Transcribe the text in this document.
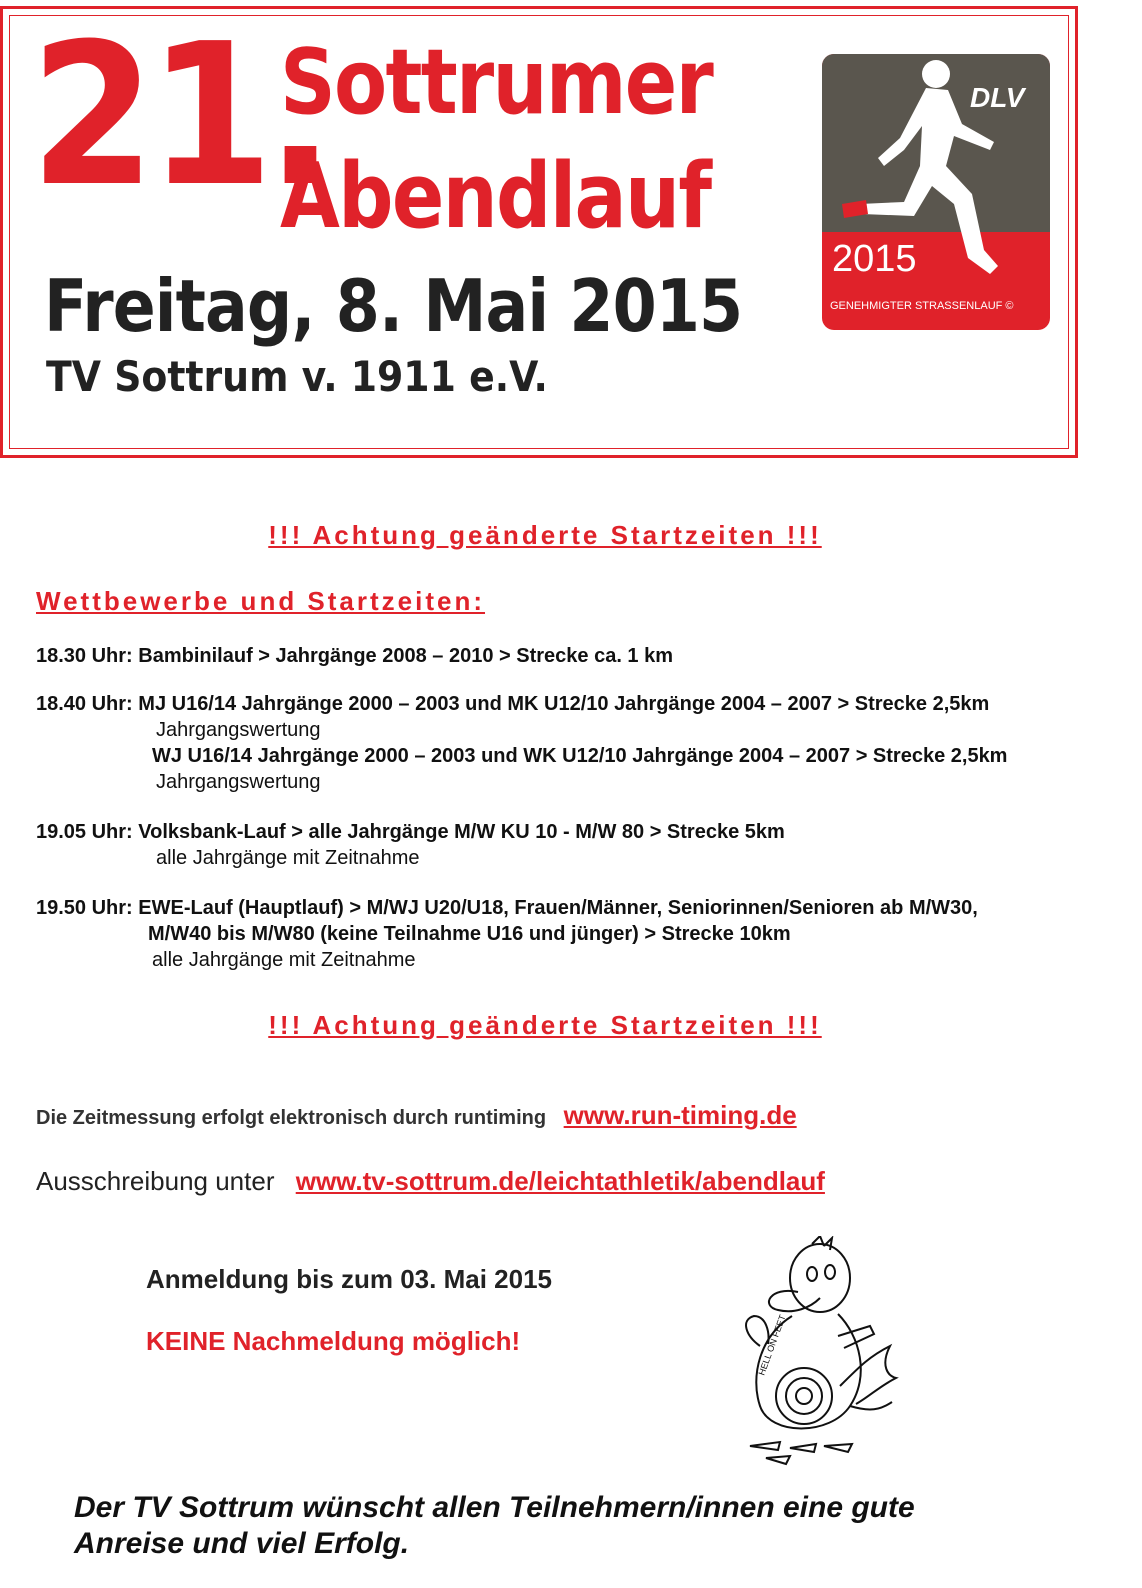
21.
Sottrumer
Abendlauf
Freitag, 8. Mai 2015
TV Sottrum v. 1911 e.V.
DLV
2015
GENEHMIGTER STRASSENLAUF ©
!!! Achtung geänderte Startzeiten !!!
Wettbewerbe und Startzeiten:
18.30 Uhr: Bambinilauf > Jahrgänge 2008 – 2010 > Strecke ca. 1 km
18.40 Uhr: MJ U16/14 Jahrgänge 2000 – 2003 und MK U12/10 Jahrgänge 2004 – 2007 > Strecke 2,5km
Jahrgangswertung
WJ U16/14 Jahrgänge 2000 – 2003 und WK U12/10 Jahrgänge 2004 – 2007 > Strecke 2,5km
Jahrgangswertung
19.05 Uhr: Volksbank-Lauf > alle Jahrgänge M/W KU 10 - M/W 80 > Strecke 5km
alle Jahrgänge mit Zeitnahme
19.50 Uhr: EWE-Lauf (Hauptlauf) > M/WJ U20/U18, Frauen/Männer, Seniorinnen/Senioren ab M/W30,
M/W40 bis M/W80 (keine Teilnahme U16 und jünger) > Strecke 10km
alle Jahrgänge mit Zeitnahme
!!! Achtung geänderte Startzeiten !!!
Die Zeitmessung erfolgt elektronisch durch runtiming www.run-timing.de
Ausschreibung unter www.tv-sottrum.de/leichtathletik/abendlauf
Anmeldung bis zum 03. Mai 2015
KEINE Nachmeldung möglich!	HELL ON FEET
Der TV Sottrum wünscht allen Teilnehmern/innen eine gute
Anreise und viel Erfolg.
